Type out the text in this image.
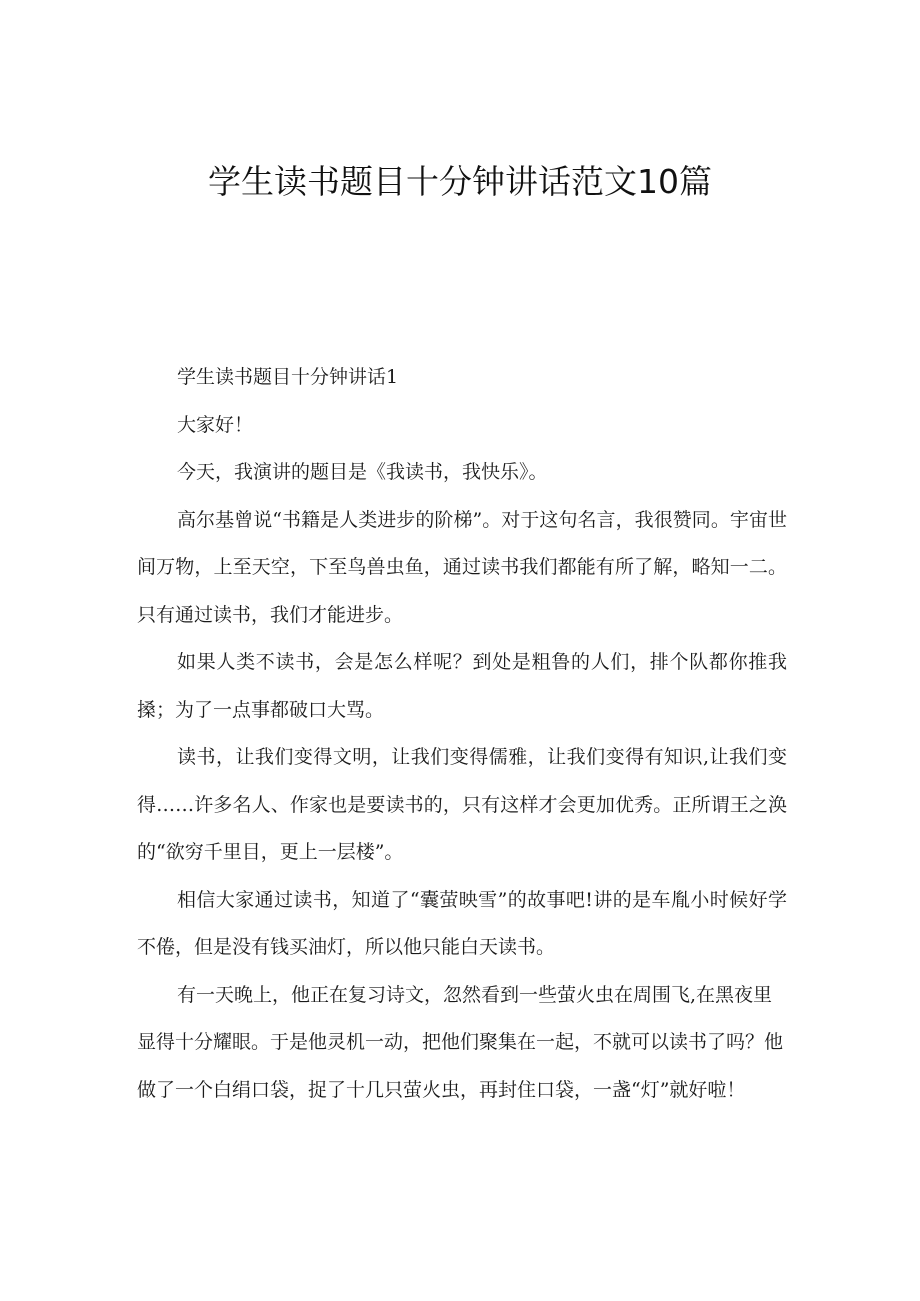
学生读书题目十分钟讲话范文10篇

学生读书题目十分钟讲话1

大家好！

今天，我演讲的题目是《我读书，我快乐》。

高尔基曾说“书籍是人类进步的阶梯”。对于这句名言，我很赞同。宇宙世间万物，上至天空，下至鸟兽虫鱼，通过读书我们都能有所了解，略知一二。只有通过读书，我们才能进步。

如果人类不读书，会是怎么样呢？到处是粗鲁的人们，排个队都你推我搡；为了一点事都破口大骂。

读书，让我们变得文明，让我们变得儒雅，让我们变得有知识,让我们变得……许多名人、作家也是要读书的，只有这样才会更加优秀。正所谓王之涣的“欲穷千里目，更上一层楼”。

相信大家通过读书，知道了“囊萤映雪”的故事吧!讲的是车胤小时候好学不倦，但是没有钱买油灯，所以他只能白天读书。

有一天晚上，他正在复习诗文，忽然看到一些萤火虫在周围飞,在黑夜里显得十分耀眼。于是他灵机一动，把他们聚集在一起，不就可以读书了吗？他做了一个白绢口袋，捉了十几只萤火虫，再封住口袋，一盏“灯”就好啦！
